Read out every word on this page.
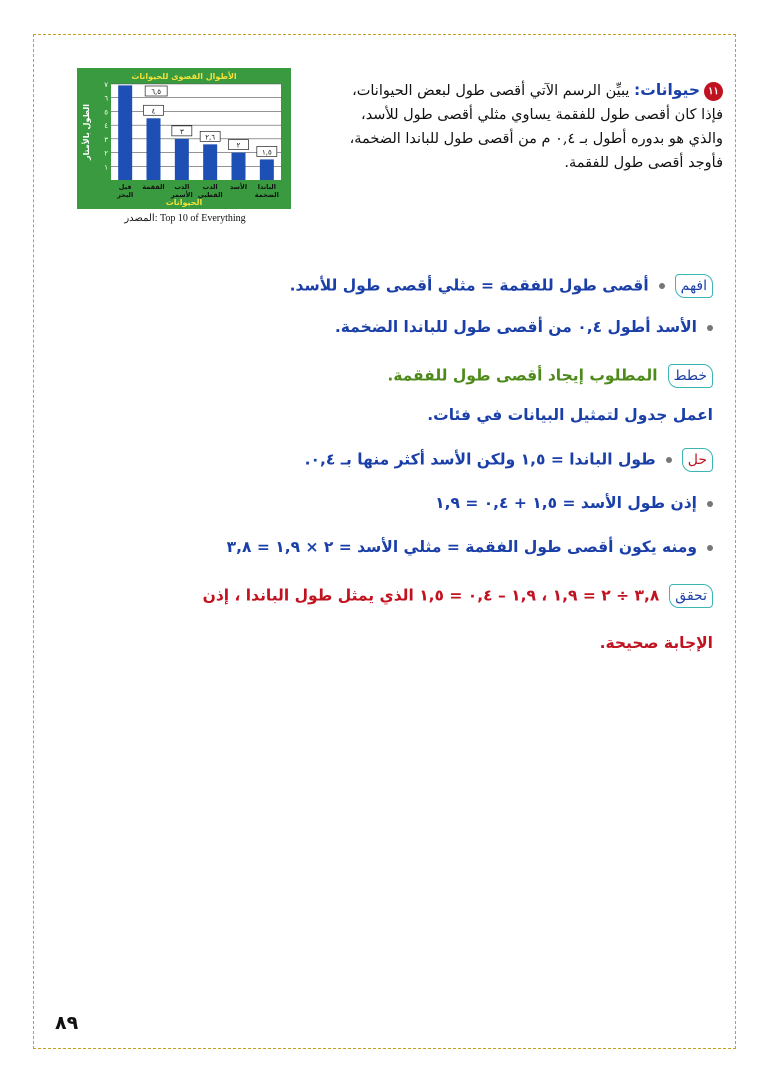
١١حيوانات: يبيِّن الرسم الآتي أقصى طول لبعض الحيوانات، فإذا كان أقصى طول للفقمة يساوي مثلي أقصى طول للأسد، والذي هو بدوره أطول بـ ٠,٤ م من أقصى طول للباندا الضخمة، فأوجد أقصى طول للفقمة.
الأطوال القصوى للحيوانات
١
٢
٣
٤
٥
٦
٧
٤
٣
٢,٦
٢
١,٥
٦,٥
فيل
البحر
الفقمة الدب
الأسمر
الدب
القطبي
الأسد الباندا
الضخمة
الطول بالأمتار
الحيوانات
المصدر: Top 10 of Everything
افهمأقصى طول للفقمة = مثلي أقصى طول للأسد.
الأسد أطول ٠,٤ من أقصى طول للباندا الضخمة.
خططالمطلوب إيجاد أقصى طول للفقمة.
اعمل جدول لتمثيل البيانات في فئات.
حلطول الباندا = ١,٥ ولكن الأسد أكثر منها بـ ٠,٤.
إذن طول الأسد = ١,٥ + ٠,٤ = ١,٩
ومنه يكون أقصى طول الفقمة = مثلي الأسد = ٢ × ١,٩ = ٣,٨
تحقق٣,٨ ÷ ٢ = ١,٩ ، ١,٩ – ٠,٤ = ١,٥ الذي يمثل طول الباندا ، إذن
الإجابة صحيحة.
٨٩
